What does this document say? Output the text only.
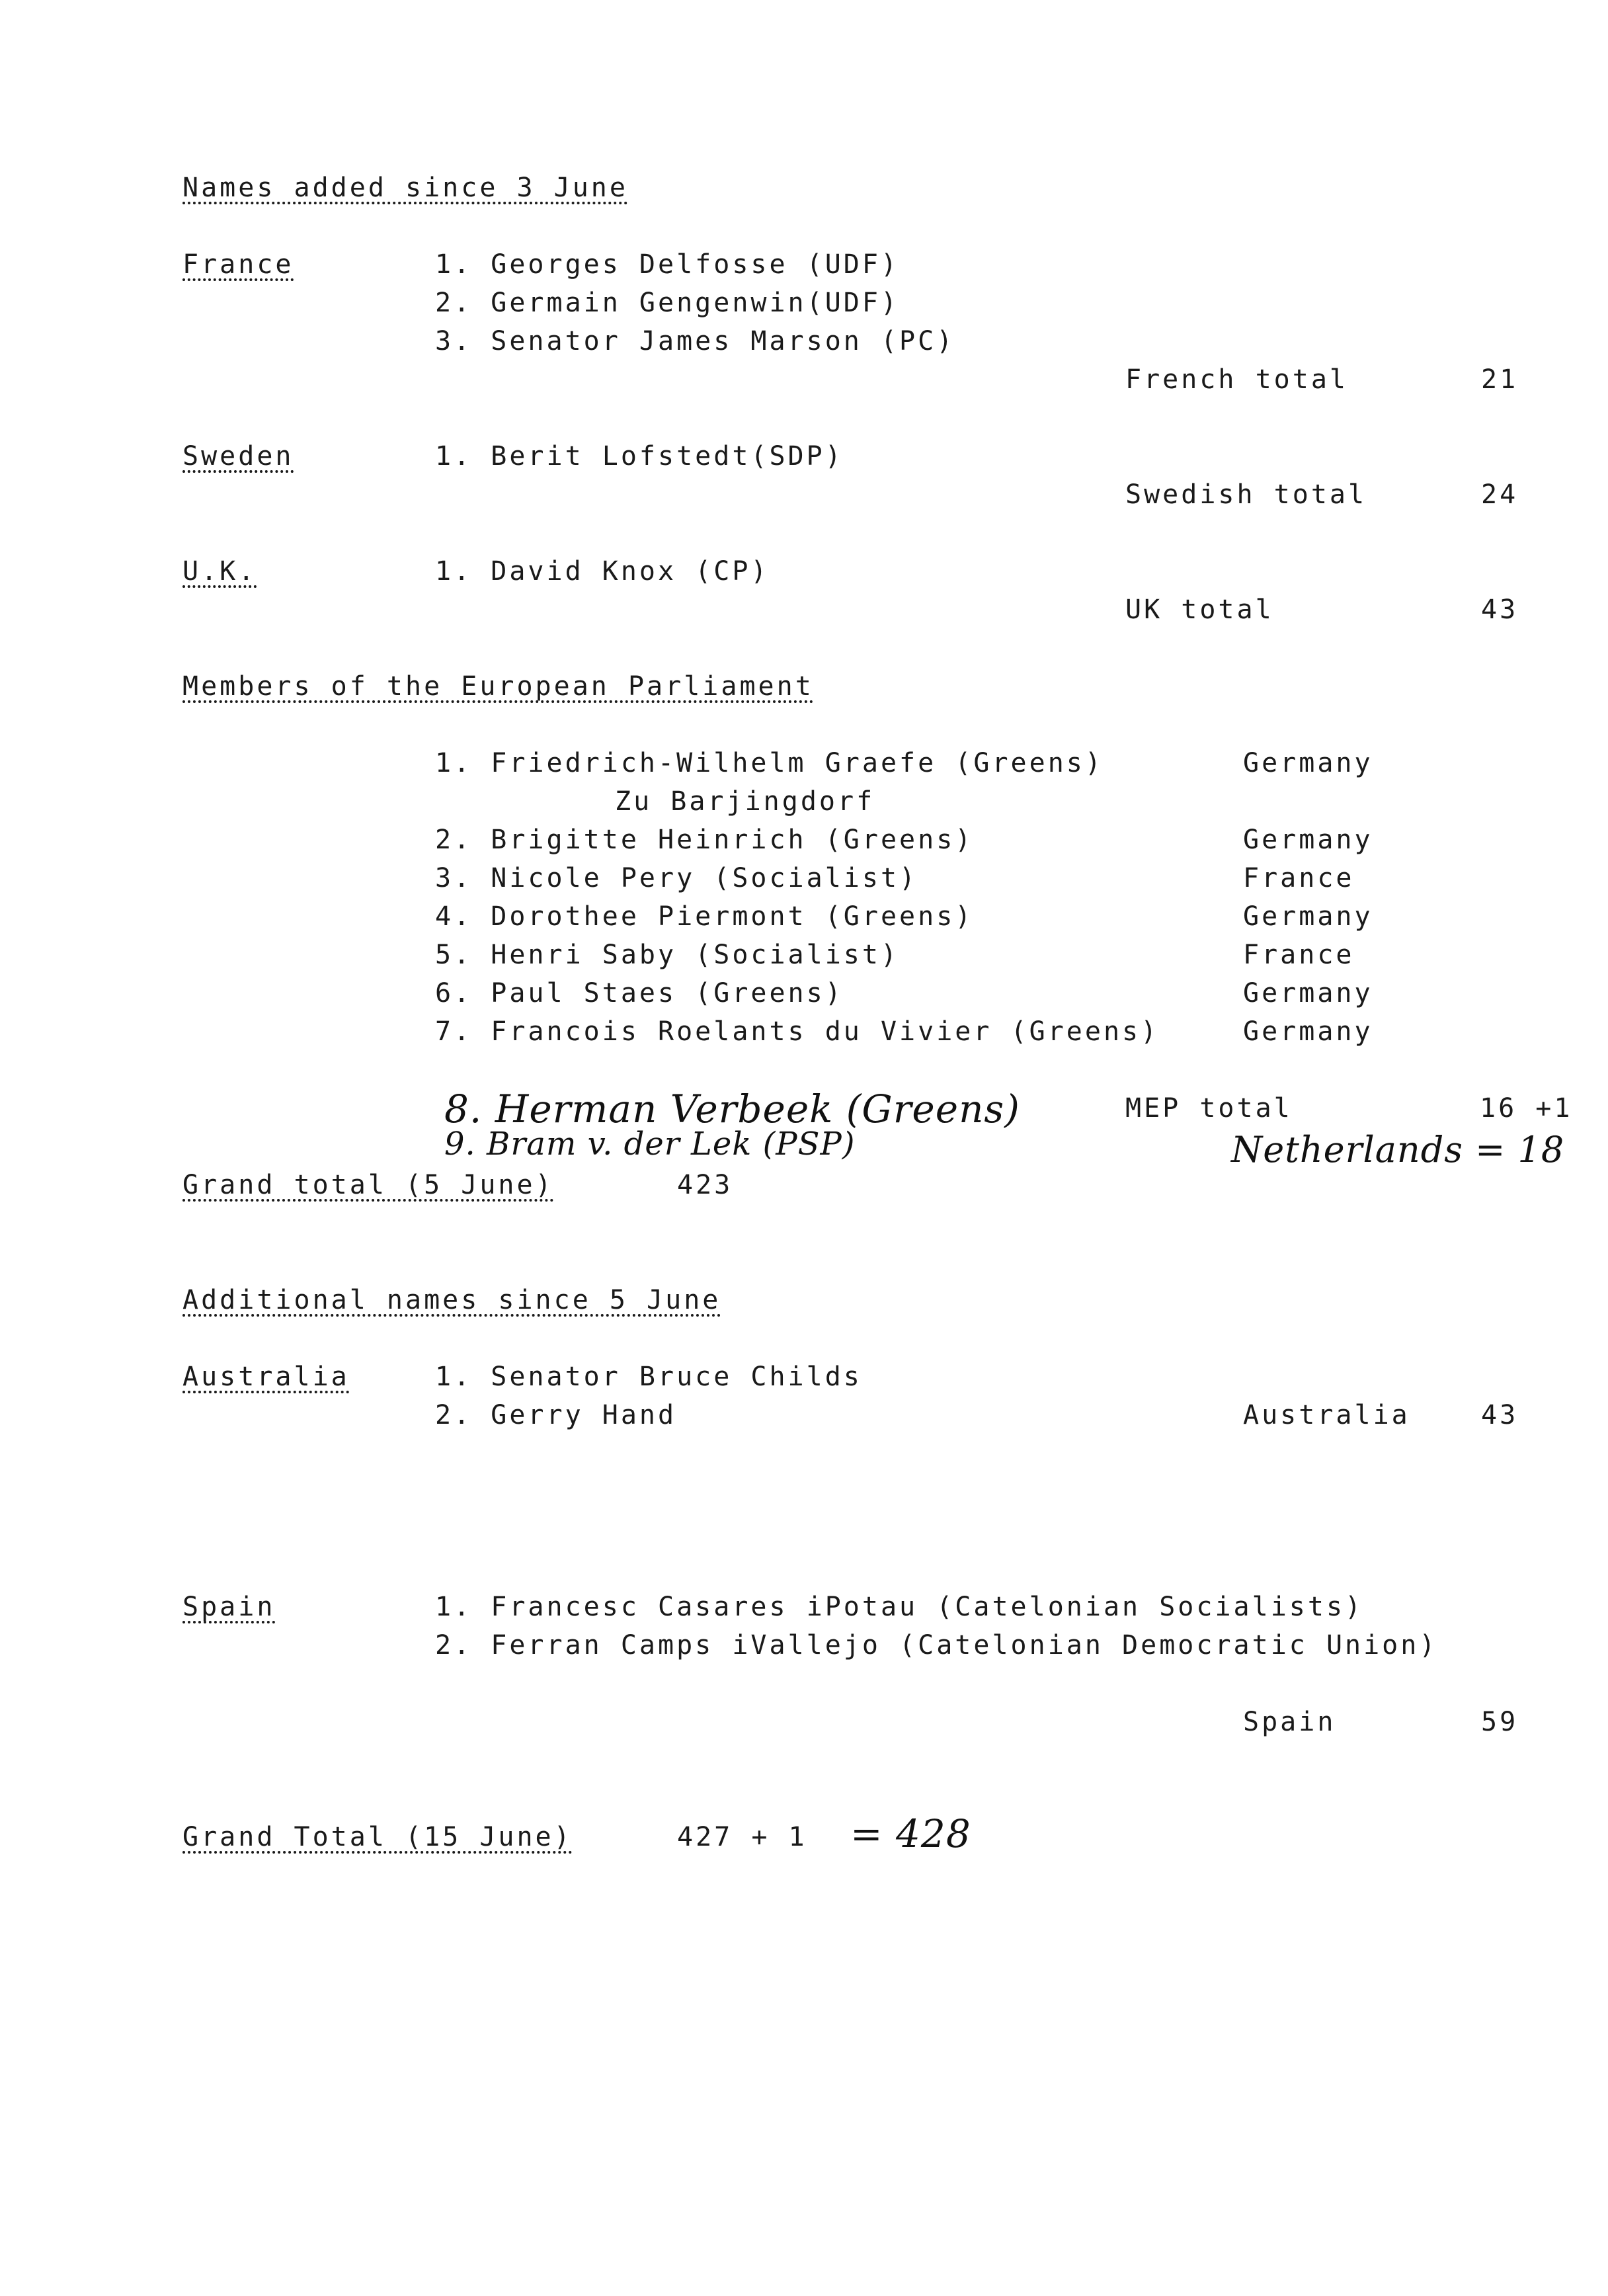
Names added since 3 June
France	1. Georges Delfosse (UDF)
2. Germain Gengenwin(UDF)
3. Senator James Marson (PC)
French total	21
Sweden	1. Berit Lofstedt(SDP)
Swedish total	24
U.K.	1. David Knox (CP)
UK total	43
Members of the European Parliament
1. Friedrich-Wilhelm Graefe (Greens)	Germany
Zu Barjingdorf
2. Brigitte Heinrich (Greens)	Germany
3. Nicole Pery (Socialist)	France
4. Dorothee Piermont (Greens)	Germany
5. Henri Saby (Socialist)	France
6. Paul Staes (Greens)	Germany
7. Francois Roelants du Vivier (Greens)	Germany
8. Herman Verbeek (Greens)
9. Bram v. der Lek (PSP)
MEP total	16 +1
Netherlands = 18
Grand total (5 June)	423
Additional names since 5 June
Australia	1. Senator Bruce Childs
2. Gerry Hand	Australia	43
Spain	1. Francesc Casares iPotau (Catelonian Socialists)
2. Ferran Camps iVallejo (Catelonian Democratic Union)
Spain	59
Grand Total (15 June)	427 + 1 = 428
